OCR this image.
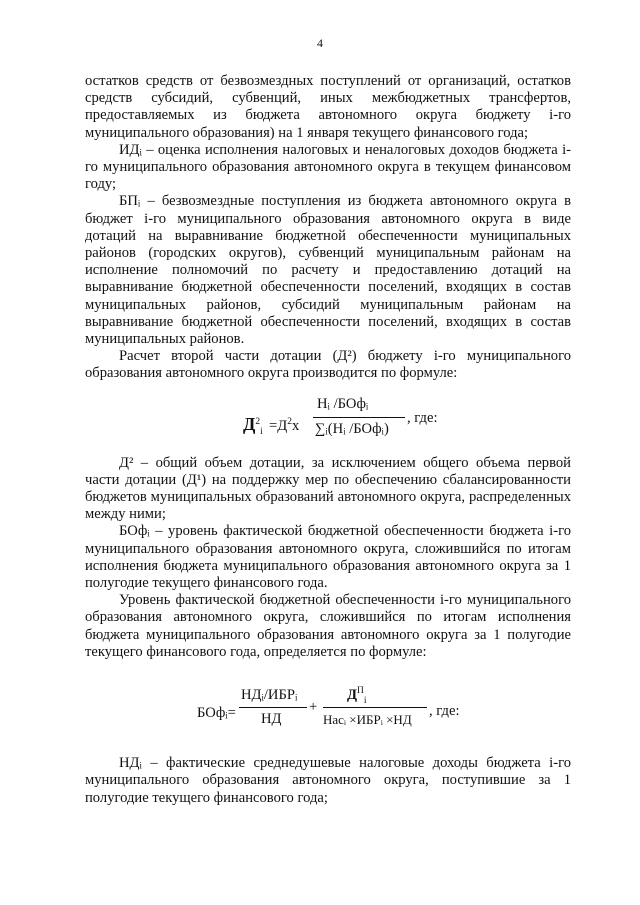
4

остатков средств от безвозмездных поступлений от организаций, остатков средств субсидий, субвенций, иных межбюджетных трансфертов, предоставляемых из бюджета автономного округа бюджету i-го муниципального образования) на 1 января текущего финансового года;

ИДᵢ – оценка исполнения налоговых и неналоговых доходов бюджета i-го муниципального образования автономного округа в текущем финансовом году;

БПᵢ – безвозмездные поступления из бюджета автономного округа в бюджет i-го муниципального образования автономного округа в виде дотаций на выравнивание бюджетной обеспеченности муниципальных районов (городских округов), субвенций муниципальным районам на исполнение полномочий по расчету и предоставлению дотаций на выравнивание бюджетной обеспеченности поселений, входящих в состав муниципальных районов, субсидий муниципальным районам на выравнивание бюджетной обеспеченности поселений, входящих в состав муниципальных районов.

Расчет второй части дотации (Д²) бюджету i-го муниципального образования автономного округа производится по формуле:

$Д^2_i =Д^2х$
Hᵢ /БОфᵢ
∑ᵢ(Hᵢ /БОфᵢ)
, где:

Д² – общий объем дотации, за исключением общего объема первой части дотации (Д¹) на поддержку мер по обеспечению сбалансированности бюджетов муниципальных образований автономного округа, распределенных между ними;

БОфᵢ – уровень фактической бюджетной обеспеченности бюджета i-го муниципального образования автономного округа, сложившийся по итогам исполнения бюджета муниципального образования автономного округа за 1 полугодие текущего финансового года.

Уровень фактической бюджетной обеспеченности i-го муниципального образования автономного округа, сложившийся по итогам исполнения бюджета муниципального образования автономного округа за 1 полугодие текущего финансового года, определяется по формуле:

БОфᵢ=
НДᵢ/ИБРᵢ
НД
+
$Д^П_i$
Насᵢ ×ИБРᵢ ×НД
, где:

НДᵢ – фактические среднедушевые налоговые доходы бюджета i-го муниципального образования автономного округа, поступившие за 1 полугодие текущего финансового года;
